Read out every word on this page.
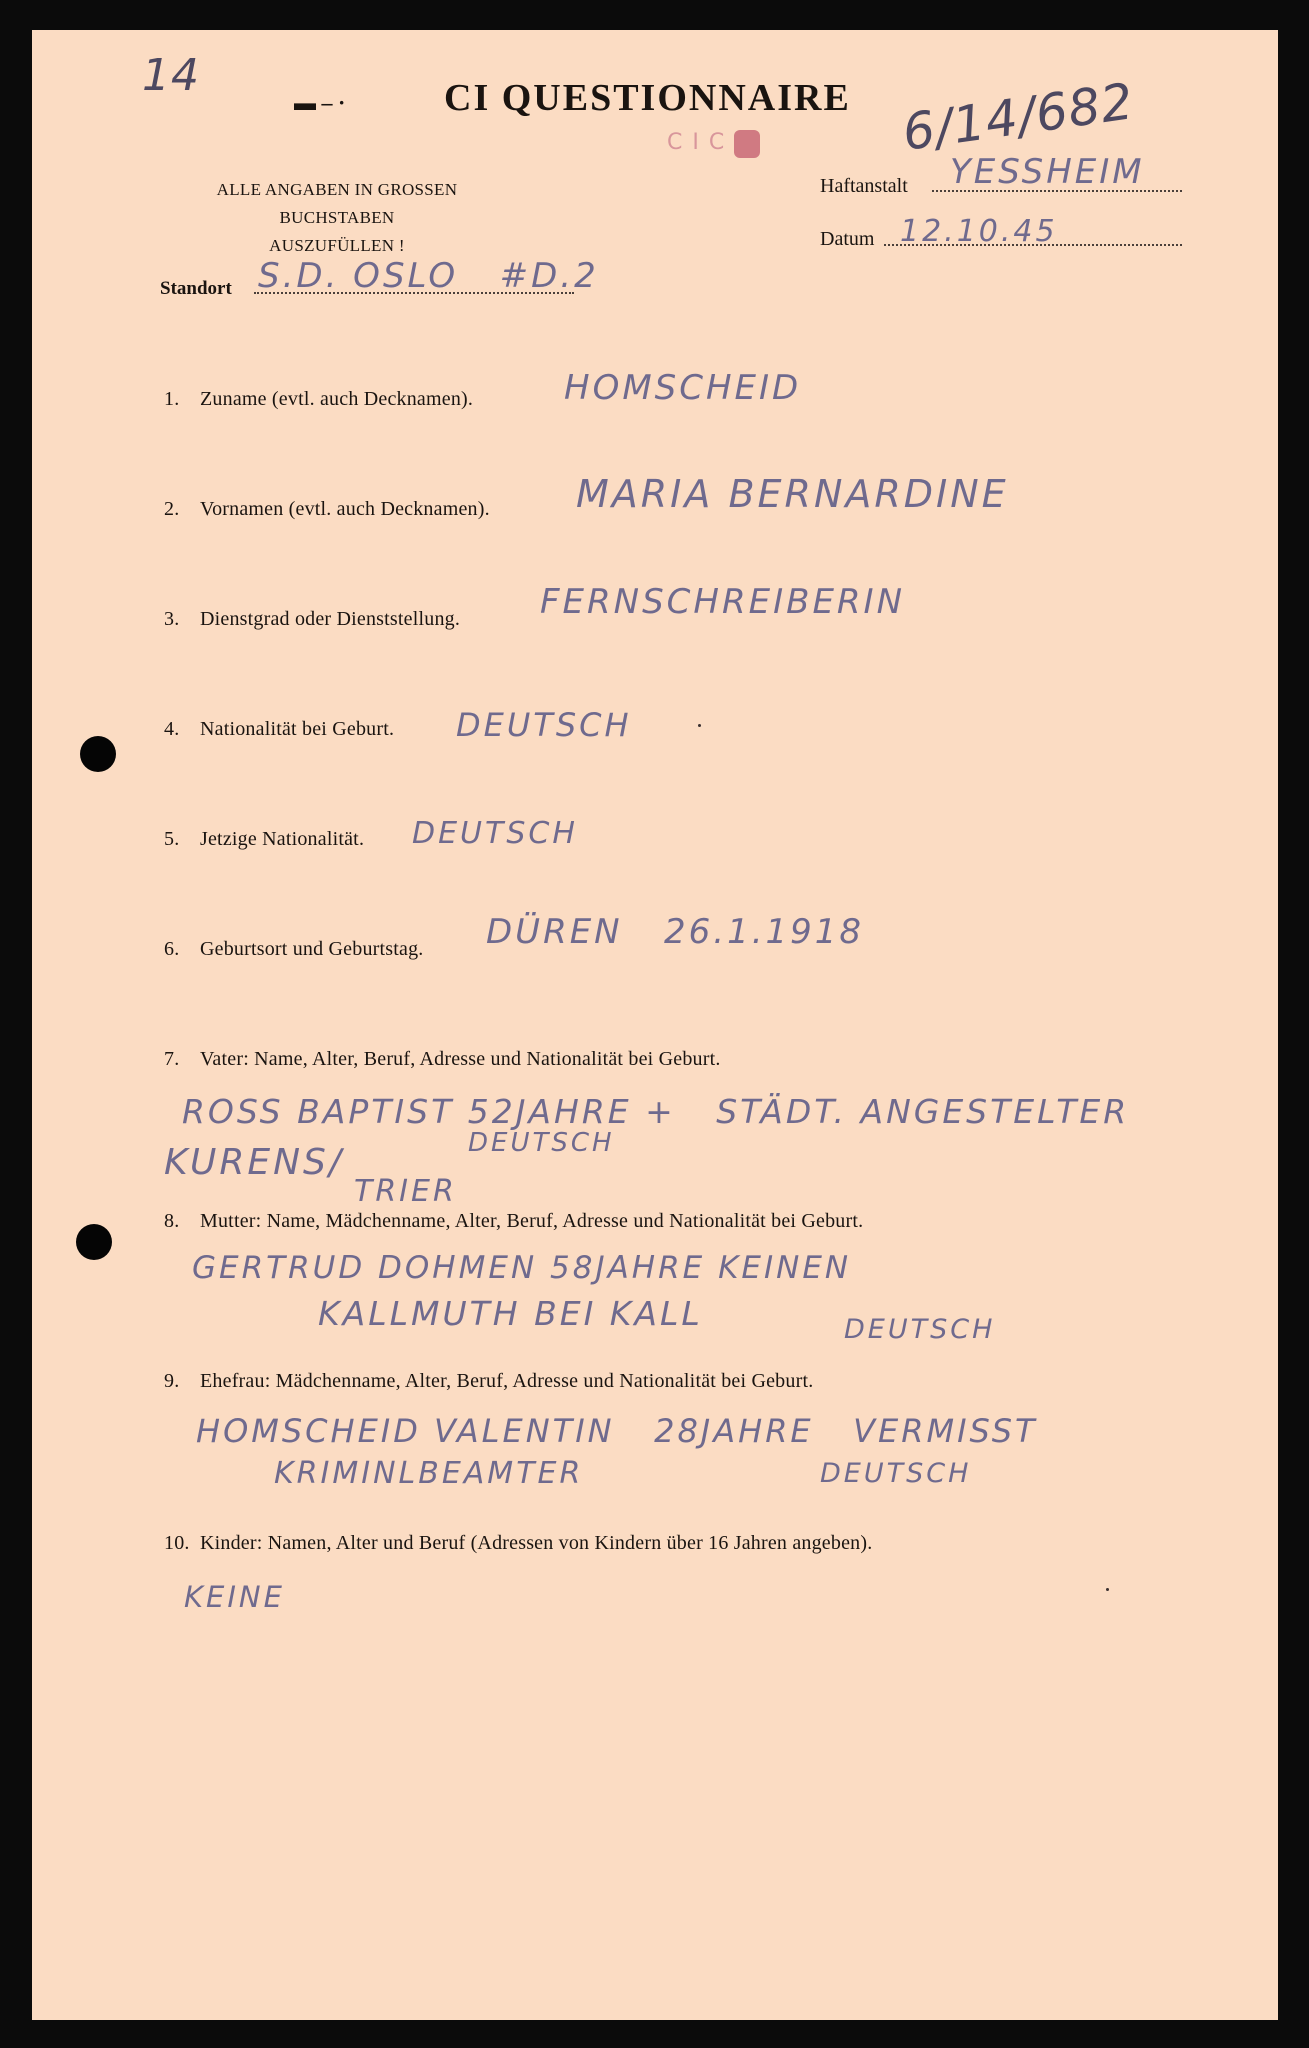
14
▬ – ·	CI QUESTIONNAIRE 6/14/682
CIC
ALLE ANGABEN IN GROSSEN BUCHSTABEN
AUSZUFÜLLEN !
Haftanstalt YESSHEIM
Datum 12.10.45
Standort S.D. OSLO   #D.2
1. Zuname (evtl. auch Decknamen).	HOMSCHEID
2. Vornamen (evtl. auch Decknamen). MARIA BERNARDINE
3. Dienstgrad oder Dienststellung. FERNSCHREIBERIN
4. Nationalität bei Geburt. DEUTSCH
5. Jetzige Nationalität. DEUTSCH
6. Geburtsort und Geburtstag. DÜREN   26.1.1918
7. Vater: Name, Alter, Beruf, Adresse und Nationalität bei Geburt.
ROSS BAPTIST 52JAHRE +   STÄDT. ANGESTELTER
KURENS/
TRIER
DEUTSCH
8. Mutter: Name, Mädchenname, Alter, Beruf, Adresse und Nationalität bei Geburt.
GERTRUD DOHMEN 58JAHRE KEINEN
KALLMUTH BEI KALL	DEUTSCH
9. Ehefrau: Mädchenname, Alter, Beruf, Adresse und Nationalität bei Geburt.
HOMSCHEID VALENTIN   28JAHRE   VERMISST
KRIMINLBEAMTER	DEUTSCH
10. Kinder: Namen, Alter und Beruf (Adressen von Kindern über 16 Jahren angeben).
KEINE
